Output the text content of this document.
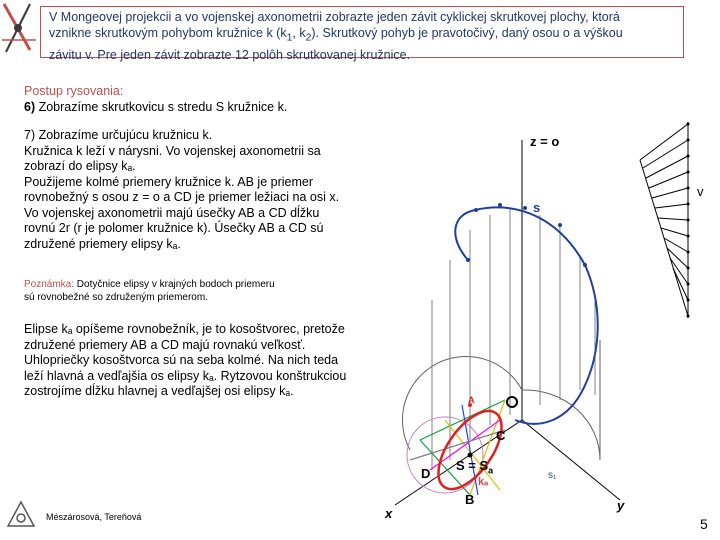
V Mongeovej projekcii a vo vojenskej axonometrii zobrazte jeden závit cyklickej skrutkovej plochy, ktorá
vznikne skrutkovým pohybom kružnice k ($k_1$, $k_2$). Skrutkový pohyb je pravotočivý, daný osou o a výškou
závitu v. Pre jeden závit zobrazte 12 polôh skrutkovanej kružnice.
Postup rysovania:
6) Zobrazíme skrutkovicu s stredu S kružnice k.
7) Zobrazíme určujúcu kružnicu k.
Kružnica k leží v nárysni. Vo vojenskej axonometrii sa
zobrazí do elipsy kₐ.
Použijeme kolmé priemery kružnice k. AB je priemer
rovnobežný s osou z = o a CD je priemer ležiaci na osi x.
Vo vojenskej axonometrii majú úsečky AB a CD dĺžku
rovnú 2r (r je polomer kružnice k). Úsečky AB a CD sú
združené priemery elipsy kₐ.
Poznámka: Dotyčnice elipsy v krajných bodoch priemeru
sú rovnobežné so združeným priemerom.
Elipse kₐ opíšeme rovnobežník, je to kosoštvorec, pretože
združené priemery AB a CD majú rovnakú veľkosť.
Uhlopriečky kosoštvorca sú na seba kolmé. Na nich teda
leží hlavná a vedľajšia os elipsy kₐ. Rytzovou konštrukciou
zostrojíme dĺžku hlavnej a vedľajšej osi elipsy kₐ.
z = o
v
s
A
C
D
$S = S_a$
kₐ
B
s₁
x
y
Mészárosová, Tereňová	5
